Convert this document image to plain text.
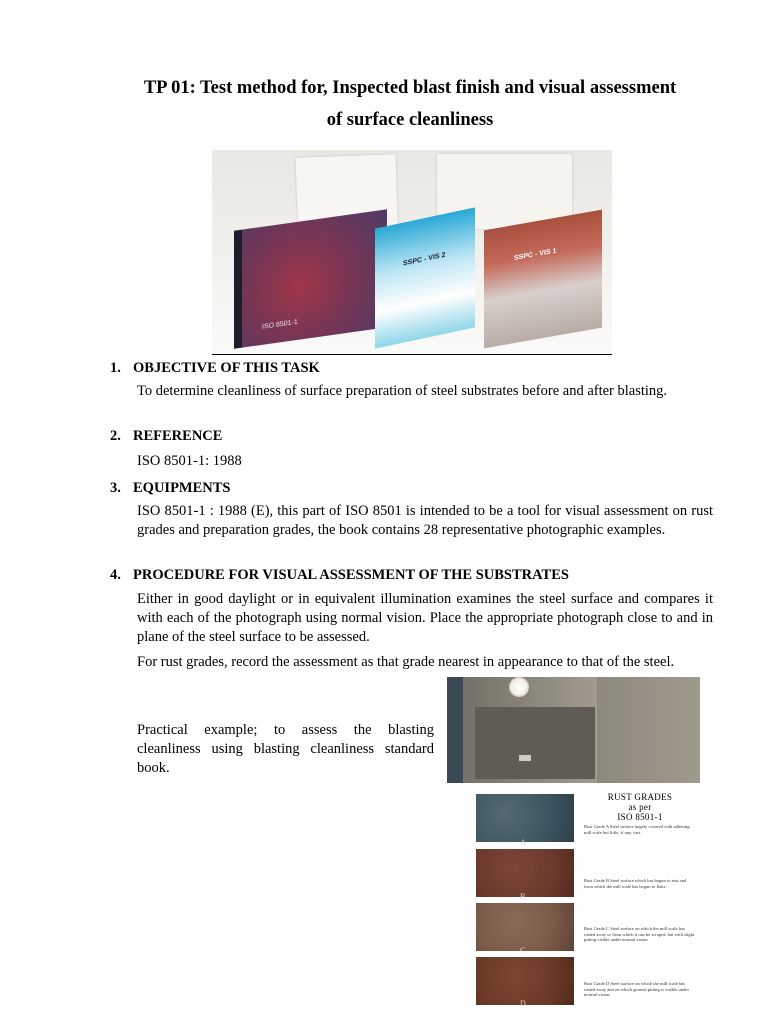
TP 01: Test method for, Inspected blast finish and visual assessment
of surface cleanliness
ISO 8501-1
SSPC - VIS 2	SSPC - VIS 1
1. OBJECTIVE OF THIS TASK

To determine cleanliness of surface preparation of steel substrates before and after blasting.

2. REFERENCE

ISO 8501-1: 1988

3. EQUIPMENTS

ISO 8501-1 : 1988 (E), this part of ISO 8501 is intended to be a tool for visual assessment on rust grades and preparation grades, the book contains 28 representative photographic examples.

4. PROCEDURE FOR VISUAL ASSESSMENT OF THE SUBSTRATES

Either in good daylight or in equivalent illumination examines the steel surface and compares it with each of the photograph using normal vision. Place the appropriate photograph close to and in plane of the steel surface to be assessed.

For rust grades, record the assessment as that grade nearest in appearance to that of the steel.

Practical example; to assess the blasting cleanliness using blasting cleanliness standard book.

RUST GRADES
as per
ISO 8501-1
A
Rust Grade A Steel surface largely covered with adhering mill scale but little, if any, rust.
B
Rust Grade B Steel surface which has begun to rust and from which the mill scale has begun to flake.
C
Rust Grade C Steel surface on which the mill scale has rusted away or from which it can be scraped, but with slight pitting visible under normal vision.
D
Rust Grade D Steel surface on which the mill scale has rusted away and on which general pitting is visible under normal vision.
